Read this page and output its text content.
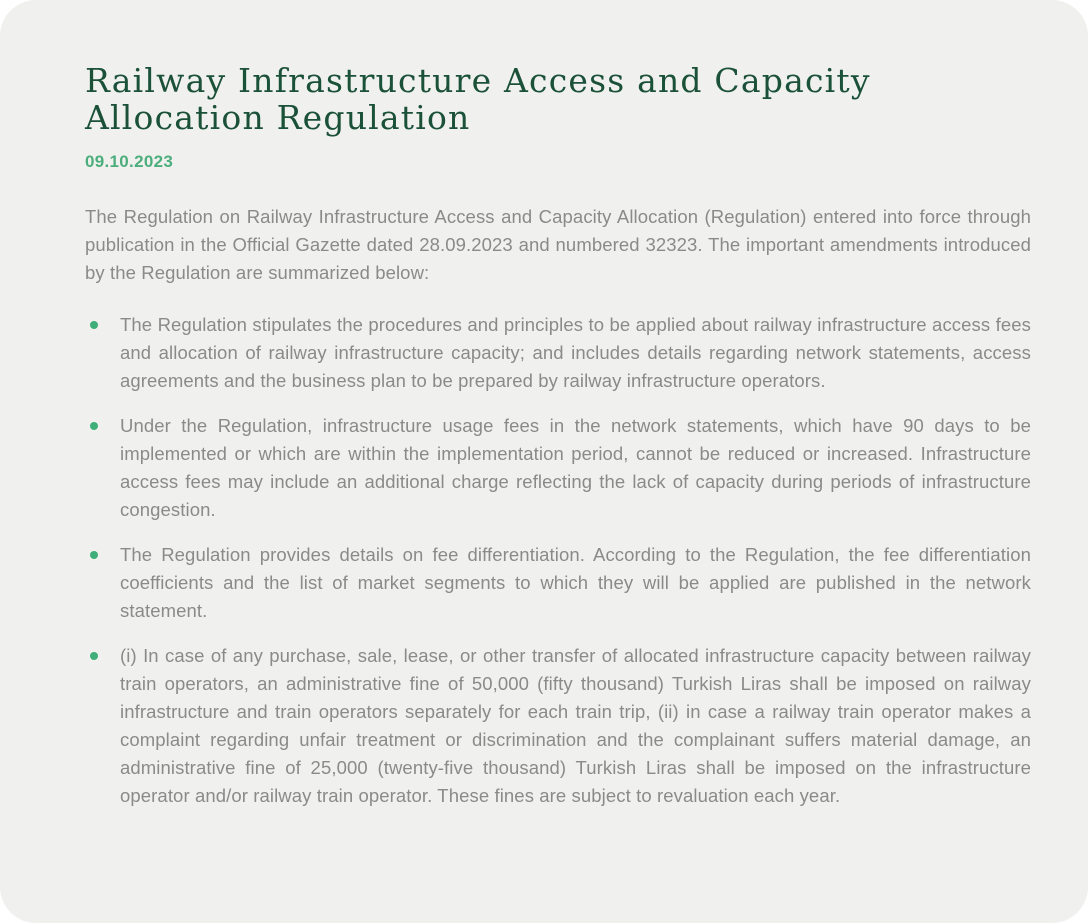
Railway Infrastructure Access and Capacity Allocation Regulation
09.10.2023

The Regulation on Railway Infrastructure Access and Capacity Allocation (Regulation) entered into force through publication in the Official Gazette dated 28.09.2023 and numbered 32323. The important amendments introduced by the Regulation are summarized below:

The Regulation stipulates the procedures and principles to be applied about railway infrastructure access fees and allocation of railway infrastructure capacity; and includes details regarding network statements, access agreements and the business plan to be prepared by railway infrastructure operators.
Under the Regulation, infrastructure usage fees in the network statements, which have 90 days to be implemented or which are within the implementation period, cannot be reduced or increased. Infrastructure access fees may include an additional charge reflecting the lack of capacity during periods of infrastructure congestion.
The Regulation provides details on fee differentiation. According to the Regulation, the fee differentiation coefficients and the list of market segments to which they will be applied are published in the network statement.
(i) In case of any purchase, sale, lease, or other transfer of allocated infrastructure capacity between railway train operators, an administrative fine of 50,000 (fifty thousand) Turkish Liras shall be imposed on railway infrastructure and train operators separately for each train trip, (ii) in case a railway train operator makes a complaint regarding unfair treatment or discrimination and the complainant suffers material damage, an administrative fine of 25,000 (twenty-five thousand) Turkish Liras shall be imposed on the infrastructure operator and/or railway train operator. These fines are subject to revaluation each year.
